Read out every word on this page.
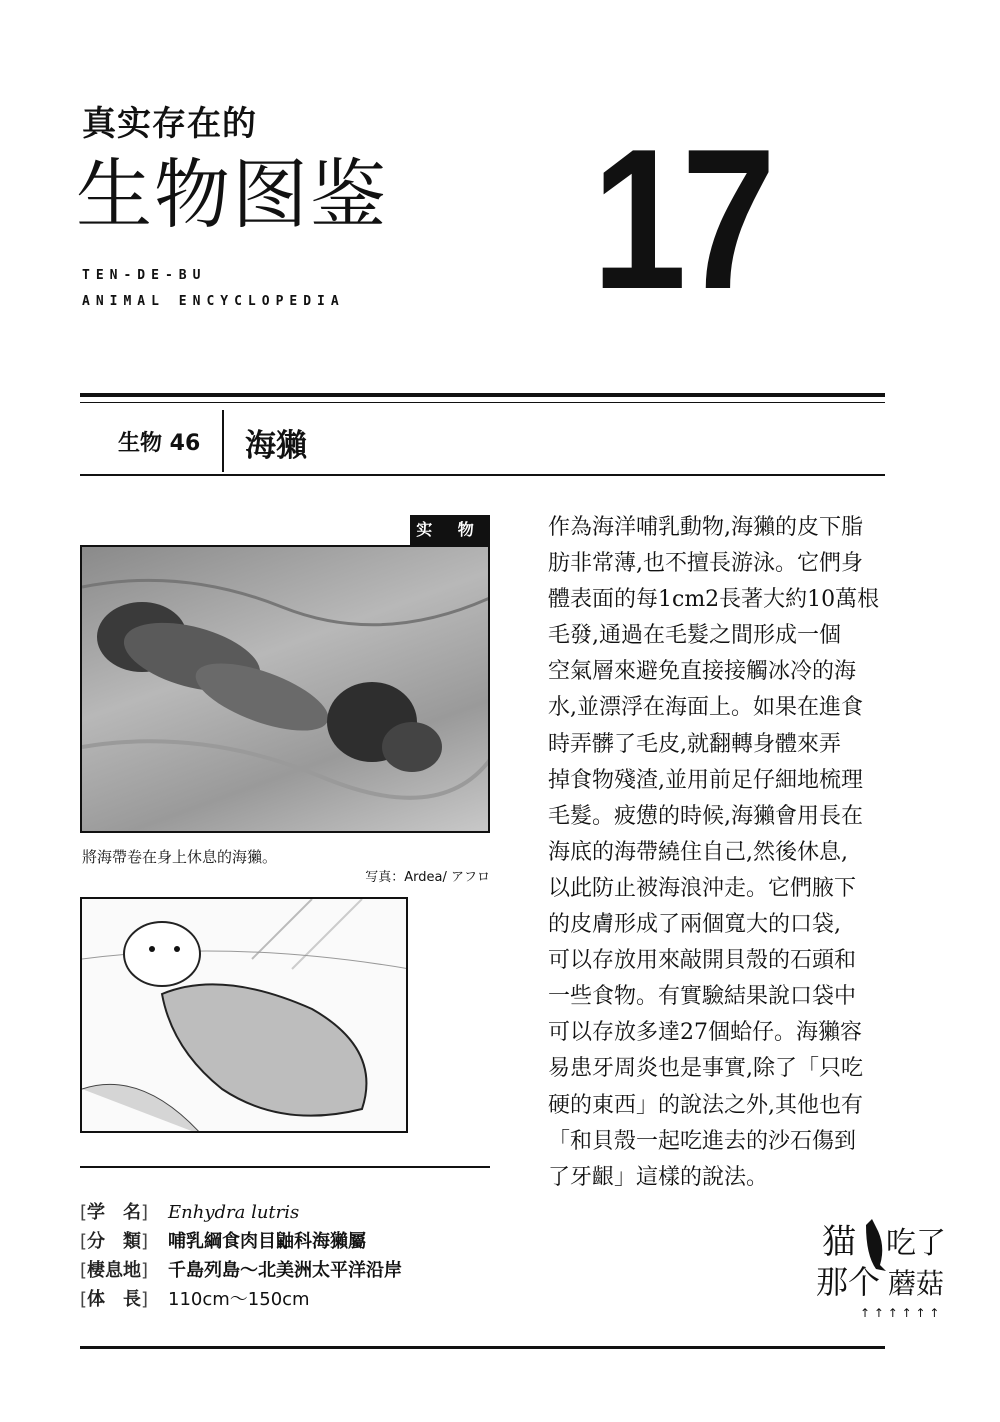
真实存在的
生物图鉴
TEN-DE-BU
ANIMAL ENCYCLOPEDIA 17
生物 46 海獺
实 物
將海帶卷在身上休息的海獺。
写真：Ardea/ アフロ
[学　名] Enhydra lutris
[分　類] 哺乳綱食肉目鼬科海獺屬
[棲息地] 千島列島～北美洲太平洋沿岸
[体　長] 110cm～150cm
作為海洋哺乳動物,海獺的皮下脂
肪非常薄,也不擅長游泳。它們身
體表面的每1cm2長著大約10萬根
毛發,通過在毛髮之間形成一個
空氣層來避免直接接觸冰冷的海
水,並漂浮在海面上。如果在進食
時弄髒了毛皮,就翻轉身體來弄
掉食物殘渣,並用前足仔細地梳理
毛髮。疲憊的時候,海獺會用長在
海底的海帶繞住自己,然後休息,
以此防止被海浪沖走。它們腋下
的皮膚形成了兩個寬大的口袋,
可以存放用來敲開貝殼的石頭和
一些食物。有實驗結果說口袋中
可以存放多達27個蛤仔。海獺容
易患牙周炎也是事實,除了「只吃
硬的東西」的說法之外,其他也有
「和貝殼一起吃進去的沙石傷到
了牙齦」這樣的說法。
猫 吃了
那个 蘑菇
↑ ↑ ↑ ↑ ↑ ↑
